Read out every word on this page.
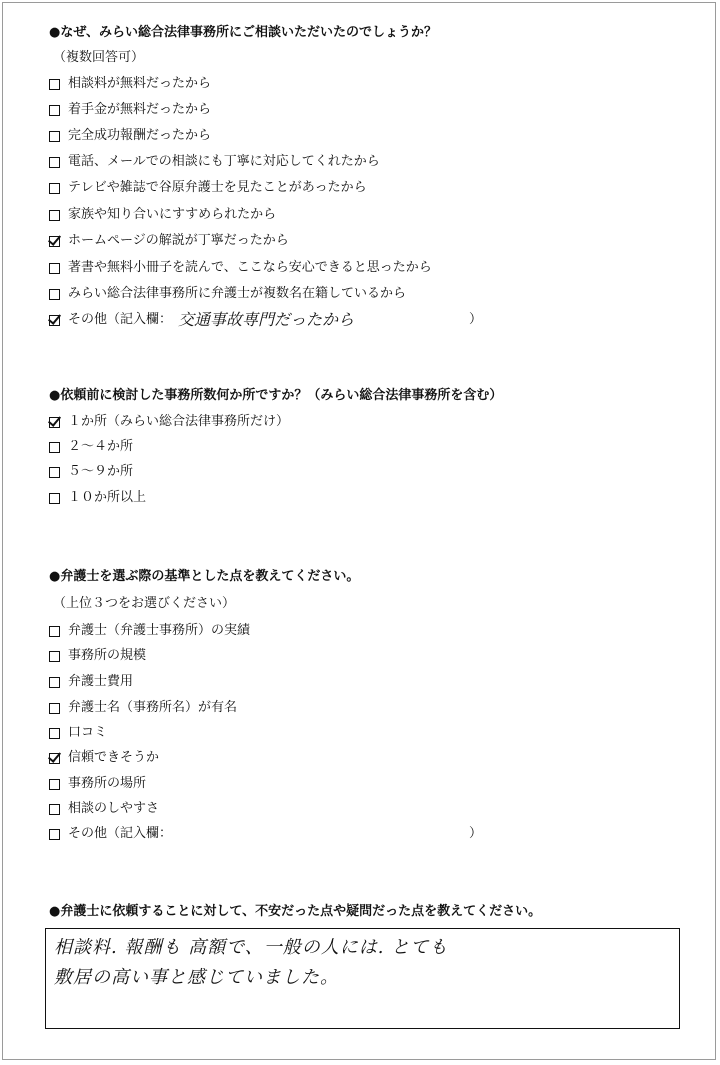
●なぜ、みらい総合法律事務所にご相談いただいたのでしょうか？
（複数回答可）
相談料が無料だったから
着手金が無料だったから
完全成功報酬だったから
電話、メールでの相談にも丁寧に対応してくれたから
テレビや雑誌で谷原弁護士を見たことがあったから
家族や知り合いにすすめられたから
ホームページの解説が丁寧だったから
著書や無料小冊子を読んで、ここなら安心できると思ったから
みらい総合法律事務所に弁護士が複数名在籍しているから
その他（記入欄： 交通事故専門だったから	）
●依頼前に検討した事務所数何か所ですか？（みらい総合法律事務所を含む）
１か所（みらい総合法律事務所だけ）
２～４か所
５～９か所
１０か所以上
●弁護士を選ぶ際の基準とした点を教えてください。
（上位３つをお選びください）
弁護士（弁護士事務所）の実績
事務所の規模
弁護士費用
弁護士名（事務所名）が有名
口コミ
信頼できそうか
事務所の場所
相談のしやすさ
その他（記入欄：	）
●弁護士に依頼することに対して、不安だった点や疑問だった点を教えてください。
相談料. 報酬も 高額で、一般の人には. とても
敷居の高い事と感じていました。
